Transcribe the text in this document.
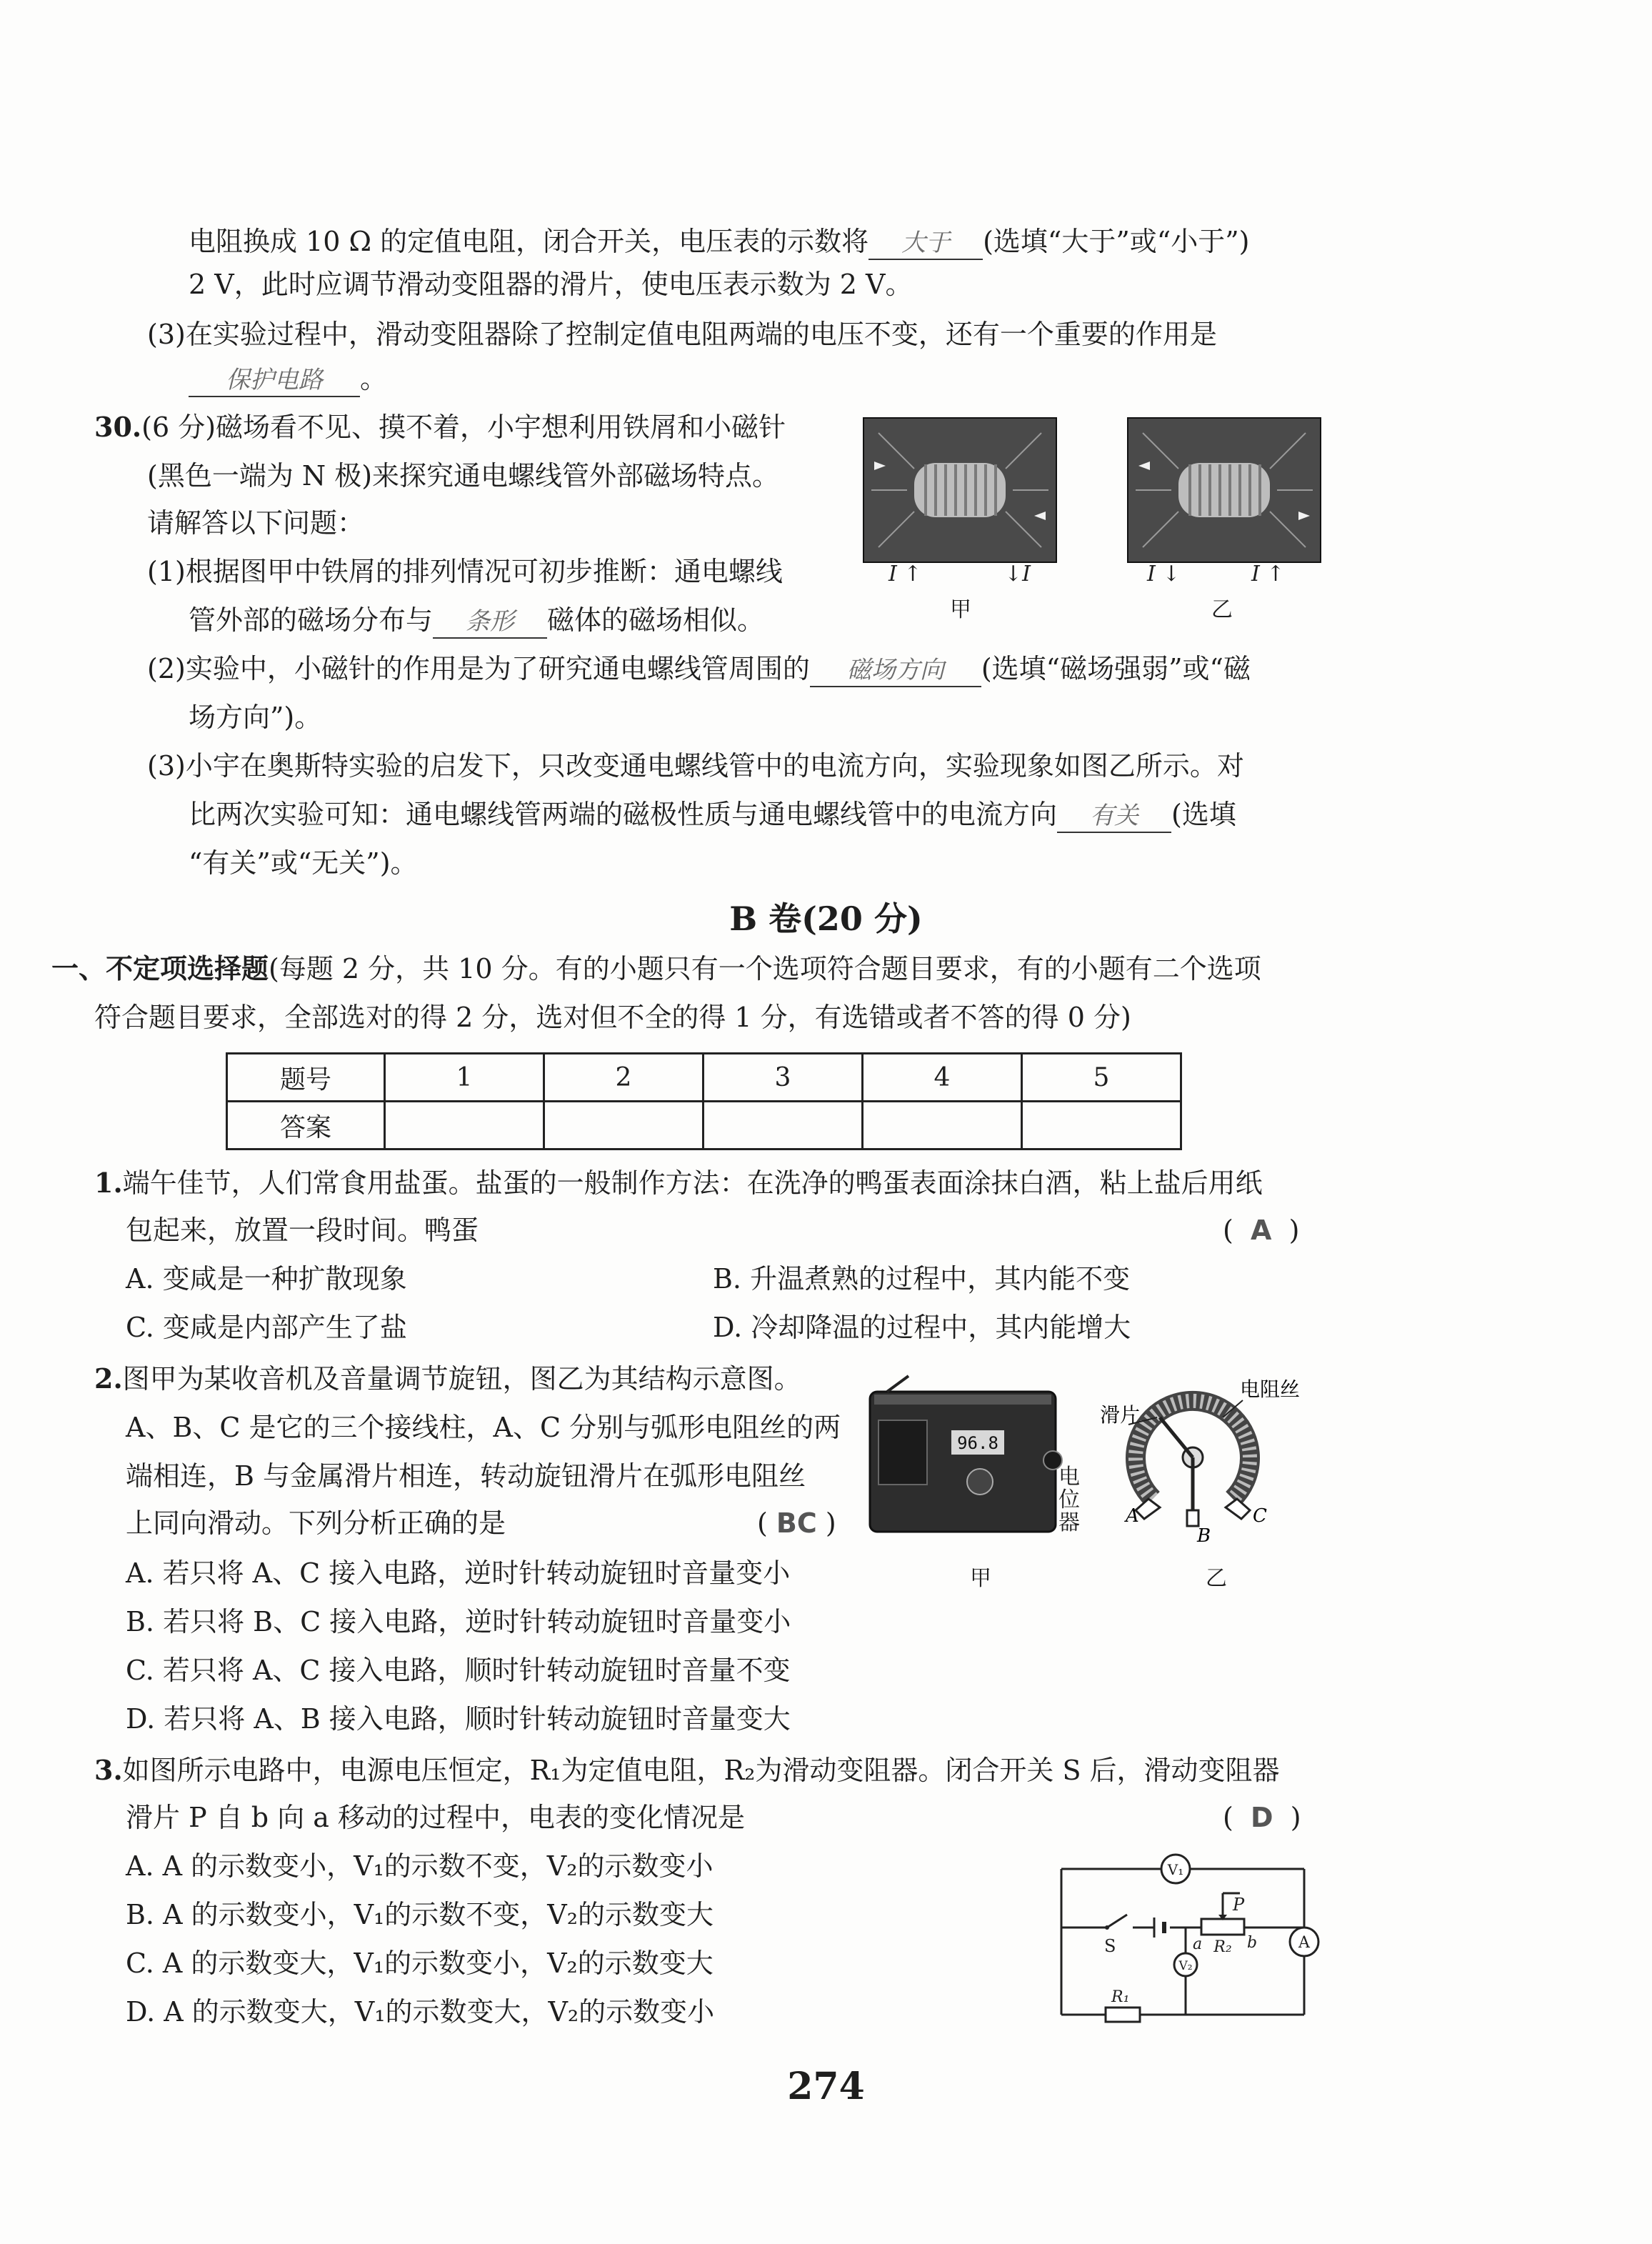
电阻换成 10 Ω 的定值电阻，闭合开关，电压表的示数将 大于 (选填“大于”或“小于”)
2 V，此时应调节滑动变阻器的滑片，使电压表示数为 2 V。
(3)在实验过程中，滑动变阻器除了控制定值电阻两端的电压不变，还有一个重要的作用是
保护电路 。
30.(6 分)磁场看不见、摸不着，小宇想利用铁屑和小磁针
(黑色一端为 N 极)来探究通电螺线管外部磁场特点。
请解答以下问题：
(1)根据图甲中铁屑的排列情况可初步推断：通电螺线
管外部的磁场分布与 条形 磁体的磁场相似。
(2)实验中，小磁针的作用是为了研究通电螺线管周围的 磁场方向 (选填“磁场强弱”或“磁
场方向”)。
(3)小宇在奥斯特实验的启发下，只改变通电螺线管中的电流方向，实验现象如图乙所示。对
比两次实验可知：通电螺线管两端的磁极性质与通电螺线管中的电流方向 有关 (选填
“有关”或“无关”)。
I ↑	↓I	I ↓	I ↑
甲	乙
B 卷(20 分)
一、不定项选择题(每题 2 分，共 10 分。有的小题只有一个选项符合题目要求，有的小题有二个选项
符合题目要求，全部选对的得 2 分，选对但不全的得 1 分，有选错或者不答的得 0 分)
题号	1	2	3	4	5
答案					
1.端午佳节，人们常食用盐蛋。盐蛋的一般制作方法：在洗净的鸭蛋表面涂抹白酒，粘上盐后用纸
包起来，放置一段时间。鸭蛋	(  A  )
A. 变咸是一种扩散现象	B. 升温煮熟的过程中，其内能不变
C. 变咸是内部产生了盐	D. 冷却降温的过程中，其内能增大
2.图甲为某收音机及音量调节旋钮，图乙为其结构示意图。
A、B、C 是它的三个接线柱，A、C 分别与弧形电阻丝的两
端相连，B 与金属滑片相连，转动旋钮滑片在弧形电阻丝
上同向滑动。下列分析正确的是	( BC )
A. 若只将 A、C 接入电路，逆时针转动旋钮时音量变小
B. 若只将 B、C 接入电路，逆时针转动旋钮时音量变小
C. 若只将 A、C 接入电路，顺时针转动旋钮时音量不变
D. 若只将 A、B 接入电路，顺时针转动旋钮时音量变大
96.8
电位器
甲
滑片
电阻丝
A
B
C
乙
3.如图所示电路中，电源电压恒定，R₁为定值电阻，R₂为滑动变阻器。闭合开关 S 后，滑动变阻器
滑片 P 自 b 向 a 移动的过程中，电表的变化情况是	(  D  )
A. A 的示数变小，V₁的示数不变，V₂的示数变小
B. A 的示数变小，V₁的示数不变，V₂的示数变大
C. A 的示数变大，V₁的示数变小，V₂的示数变大
D. A 的示数变大，V₁的示数变大，V₂的示数变小
V₁
V₂
A
S
R₁
R₂
P
a	b
274
